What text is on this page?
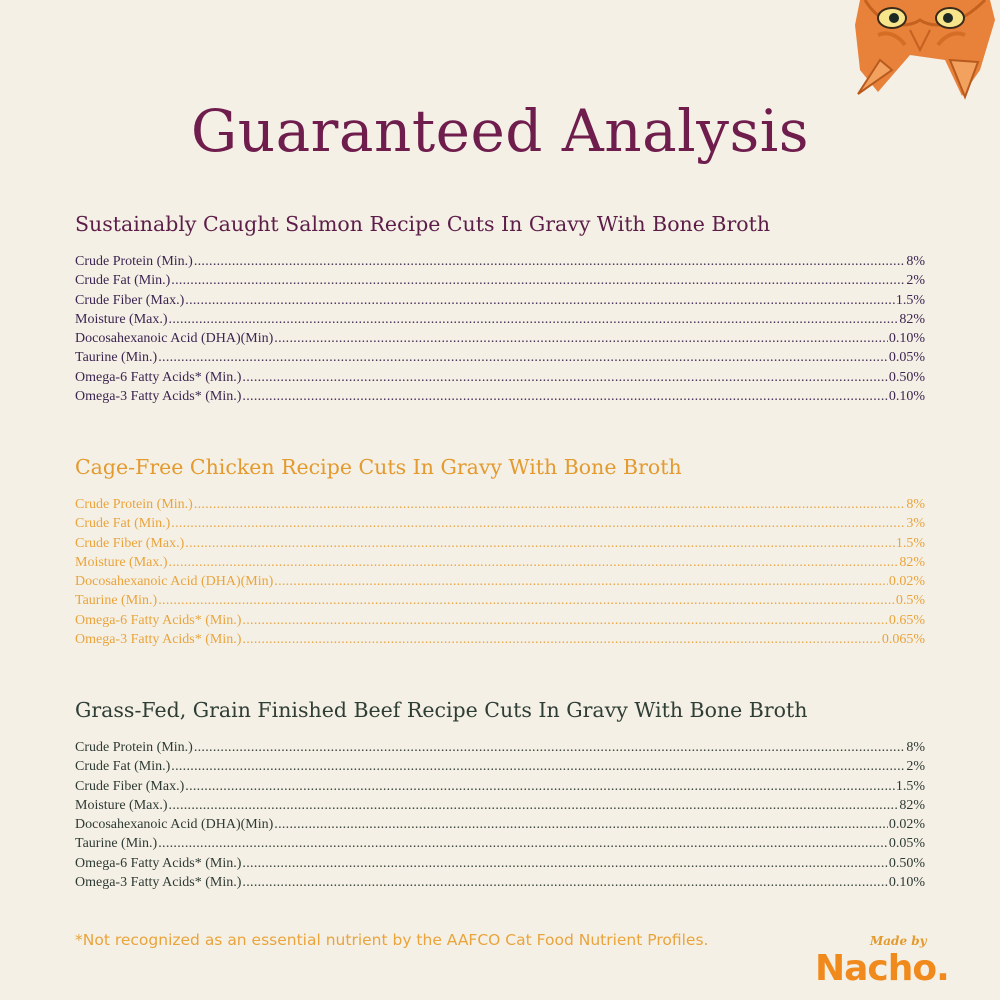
Guaranteed Analysis
Sustainably Caught Salmon Recipe Cuts In Gravy With Bone Broth
Crude Protein (Min.) .....	8%
Crude Fat (Min.) .....	2%
Crude Fiber (Max.) .....	1.5%
Moisture (Max.) .....	82%
Docosahexanoic Acid (DHA)(Min) .....	0.10%
Taurine (Min.) .....	0.05%
Omega-6 Fatty Acids* (Min.) .....	0.50%
Omega-3 Fatty Acids* (Min.) .....	0.10%
Cage-Free Chicken Recipe Cuts In Gravy With Bone Broth
Crude Protein (Min.) .....	8%
Crude Fat (Min.) .....	3%
Crude Fiber (Max.) .....	1.5%
Moisture (Max.) .....	82%
Docosahexanoic Acid (DHA)(Min) .....	0.02%
Taurine (Min.) .....	0.5%
Omega-6 Fatty Acids* (Min.) .....	0.65%
Omega-3 Fatty Acids* (Min.) .....	0.065%
Grass-Fed, Grain Finished Beef Recipe Cuts In Gravy With Bone Broth
Crude Protein (Min.) .....	8%
Crude Fat (Min.) .....	2%
Crude Fiber (Max.) .....	1.5%
Moisture (Max.) .....	82%
Docosahexanoic Acid (DHA)(Min) .....	0.02%
Taurine (Min.) .....	0.05%
Omega-6 Fatty Acids* (Min.) .....	0.50%
Omega-3 Fatty Acids* (Min.) .....	0.10%
*Not recognized as an essential nutrient by the AAFCO Cat Food Nutrient Profiles.	Made by
Nacho.
